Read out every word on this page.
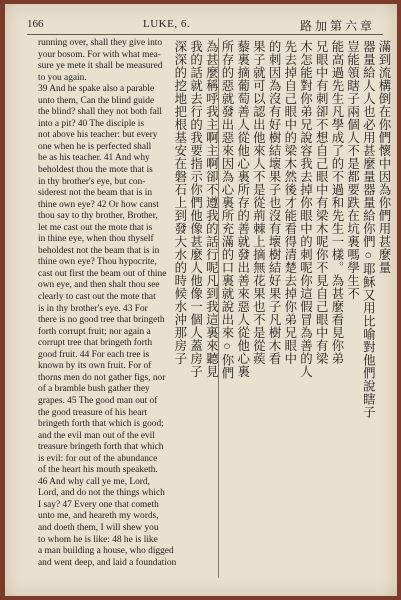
166	LUKE, 6.	路加第六章
running over, shall they give into
your bosom. For with what mea-
sure ye mete it shall be measured
to you again.
39 And he spake also a parable
unto them, Can the blind guide
the blind? shall they not both fall
into a pit? 40 The disciple is
not above his teacher: but every
one when he is perfected shall
be as his teacher. 41 And why
beholdest thou the mote that is
in thy brother's eye, but con-
siderest not the beam that is in
thine own eye? 42 Or how canst
thou say to thy brother, Brother,
let me cast out the mote that is
in thine eye, when thou thyself
beholdest not the beam that is in
thine own eye? Thou hypocrite,
cast out first the beam out of thine
own eye, and then shalt thou see
clearly to cast out the mote that
is in thy brother's eye. 43 For
there is no good tree that bringeth
forth corrupt fruit; nor again a
corrupt tree that bringeth forth
good fruit. 44 For each tree is
known by its own fruit. For of
thorns men do not gather figs, nor
of a bramble bush gather they
grapes. 45 The good man out of
the good treasure of his heart
bringeth forth that which is good;
and the evil man out of the evil
treasure bringeth forth that which
is evil: for out of the abundance
of the heart his mouth speaketh.
46 And why call ye me, Lord,
Lord, and do not the things which
I say? 47 Every one that cometh
unto me, and heareth my words,
and doeth them, I will shew you
to whom he is like: 48 he is like
a man building a house, who digged
and went deep, and laid a foundation
滿到流構倒在你們懷中因為你們用甚麼量
器量給人人也必用甚麼量器量給你們○耶穌又用比喻對他們說瞎子
豈能領瞎子兩個人不是都要跌在坑裏嗎學生不
能高過先生凡學成了的不過和先生一樣。為甚麼看見你弟
兄眼中有刺卻不想自己眼中有梁木呢你不見自己眼中有梁
木怎能對你弟兄說容我去掉你眼中的刺呢你這假冒為善的人
先去掉自己眼中的梁木然後才能看得清楚去掉你弟兄眼中
的刺因為沒有好樹結壞果子也沒有壞樹結好果子凡樹木看
果子就可以認出他來人不是從荊棘上摘無花果也不是從蒺
藜裏摘葡萄善人從他心裏所存的善就發出善來惡人從他心裏
所存的惡就發出惡來因為心裏所充滿的口裏就說出來○你們
為甚麼稱呼我主啊主啊卻不遵我的話行呢凡到我這裏來聽見
我的話就去行的我要指示你們他像甚麼人他像一個人蓋房子
深深的挖地把根基安在磐石上到發大水的時候水沖那房子
